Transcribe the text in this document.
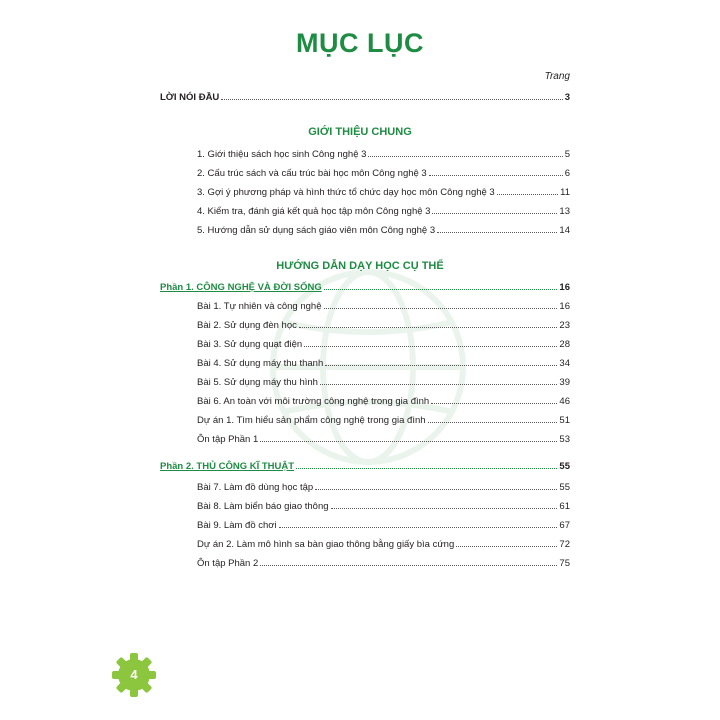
MỤC LỤC
Trang
LỜI NÓI ĐẦU	3
GIỚI THIỆU CHUNG
1. Giới thiệu sách học sinh Công nghệ 3	5
2. Cấu trúc sách và cấu trúc bài học môn Công nghệ 3	6
3. Gợi ý phương pháp và hình thức tổ chức dạy học môn Công nghệ 3	11
4. Kiểm tra, đánh giá kết quả học tập môn Công nghệ 3	13
5. Hướng dẫn sử dụng sách giáo viên môn Công nghệ 3	14
HƯỚNG DẪN DẠY HỌC CỤ THỂ
Phần 1. CÔNG NGHỆ VÀ ĐỜI SỐNG	16
Bài 1. Tự nhiên và công nghệ	16
Bài 2. Sử dụng đèn học	23
Bài 3. Sử dụng quạt điện	28
Bài 4. Sử dụng máy thu thanh	34
Bài 5. Sử dụng máy thu hình	39
Bài 6. An toàn với môi trường công nghệ trong gia đình	46
Dự án 1. Tìm hiểu sản phẩm công nghệ trong gia đình	51
Ôn tập Phần 1	53
Phần 2. THỦ CÔNG KĨ THUẬT	55
Bài 7. Làm đồ dùng học tập	55
Bài 8. Làm biển báo giao thông	61
Bài 9. Làm đồ chơi	67
Dự án 2. Làm mô hình sa bàn giao thông bằng giấy bìa cứng	72
Ôn tập Phần 2	75
4
